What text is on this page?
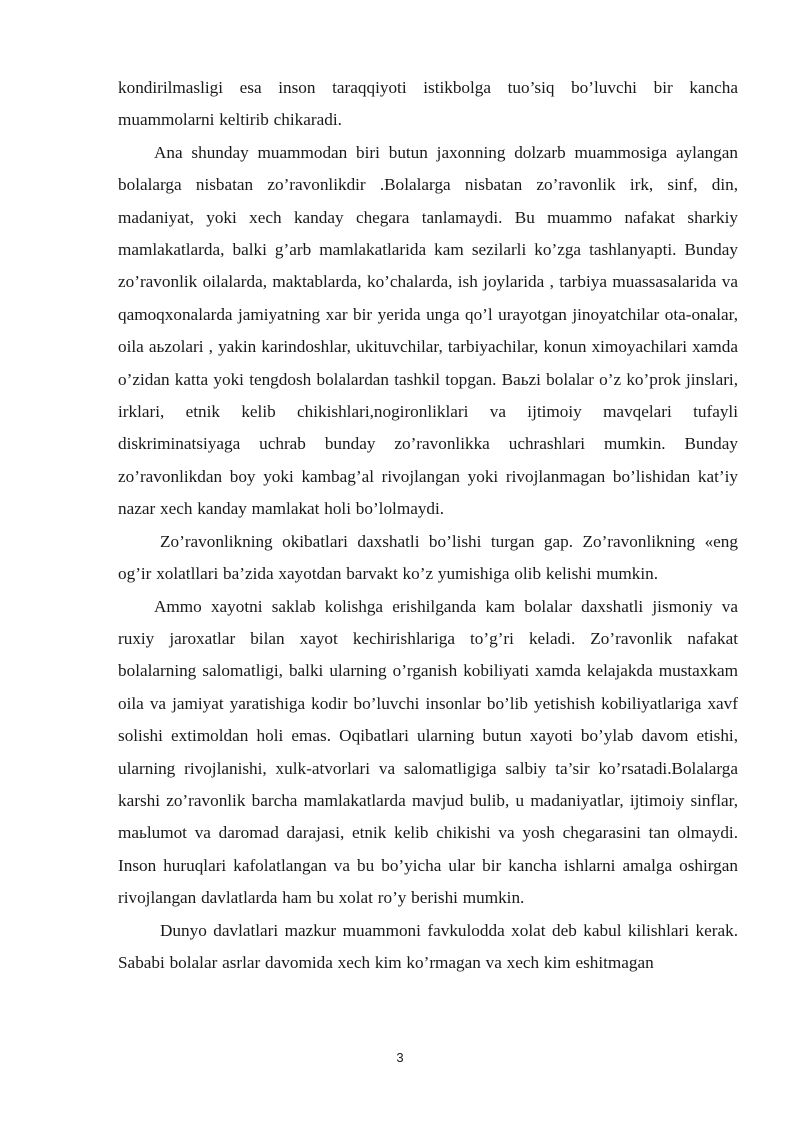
kondirilmasligi esa inson taraqqiyoti istikbolga tuo’siq bo’luvchi bir kancha muammolarni keltirib chikaradi.

Ana shunday muammodan biri butun jaxonning dolzarb muammosiga aylangan bolalarga nisbatan zo’ravonlikdir .Bolalarga nisbatan zo’ravonlik irk, sinf, din, madaniyat, yoki xech kanday chegara tanlamaydi. Bu muammo nafakat sharkiy mamlakatlarda, balki g’arb mamlakatlarida kam sezilarli ko’zga tashlanyapti. Bunday zo’ravonlik oilalarda, maktablarda, ko’chalarda, ish joylarida , tarbiya muassasalarida va qamoqxonalarda jamiyatning xar bir yerida unga qo’l urayotgan jinoyatchilar ota-onalar, oila aьzolari , yakin karindoshlar, ukituvchilar, tarbiyachilar, konun ximoyachilari xamda o’zidan katta yoki tengdosh bolalardan tashkil topgan. Baьzi bolalar o’z ko’prok jinslari, irklari, etnik kelib chikishlari,nogironliklari va ijtimoiy mavqelari tufayli diskriminatsiyaga uchrab bunday zo’ravonlikka uchrashlari mumkin. Bunday zo’ravonlikdan boy yoki kambag’al rivojlangan yoki rivojlanmagan bo’lishidan kat’iy nazar xech kanday mamlakat holi bo’lolmaydi.

Zo’ravonlikning okibatlari daxshatli bo’lishi turgan gap. Zo’ravonlikning «eng og’ir xolatllari ba’zida xayotdan barvakt ko’z yumishiga olib kelishi mumkin.

Ammo xayotni saklab kolishga erishilganda kam bolalar daxshatli jismoniy va ruxiy jaroxatlar bilan xayot kechirishlariga to’g’ri keladi. Zo’ravonlik nafakat bolalarning salomatligi, balki ularning o’rganish kobiliyati xamda kelajakda mustaxkam oila va jamiyat yaratishiga kodir bo’luvchi insonlar bo’lib yetishish kobiliyatlariga xavf solishi extimoldan holi emas. Oqibatlari ularning butun xayoti bo’ylab davom etishi, ularning rivojlanishi, xulk-atvorlari va salomatligiga salbiy ta’sir ko’rsatadi.Bolalarga karshi zo’ravonlik barcha mamlakatlarda mavjud bulib, u madaniyatlar, ijtimoiy sinflar, maьlumot va daromad darajasi, etnik kelib chikishi va yosh chegarasini tan olmaydi. Inson huruqlari kafolatlangan va bu bo’yicha ular bir kancha ishlarni amalga oshirgan rivojlangan davlatlarda ham bu xolat ro’y berishi mumkin.

Dunyo davlatlari mazkur muammoni favkulodda xolat deb kabul kilishlari kerak. Sababi bolalar asrlar davomida xech kim ko’rmagan va xech kim eshitmagan

3
